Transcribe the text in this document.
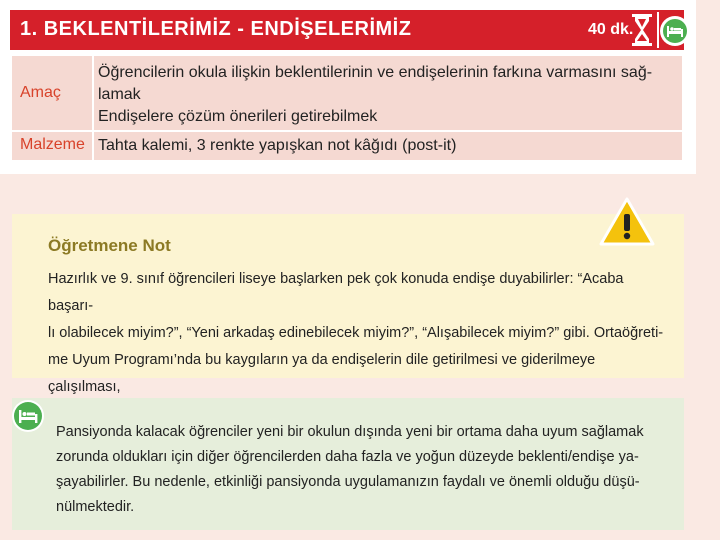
1. BEKLENTİLERİMİZ - ENDİŞELERİMİZ	40 dk.
Amaç
Öğrencilerin okula ilişkin beklentilerinin ve endişelerinin farkına varmasını sağ-
lamak
Endişelere çözüm önerileri getirebilmek
Malzeme Tahta kalemi, 3 renkte yapışkan not kâğıdı (post-it)
Öğretmene Not
Hazırlık ve 9. sınıf öğrencileri liseye başlarken pek çok konuda endişe duyabilirler: “Acaba başarı-
lı olabilecek miyim?”, “Yeni arkadaş edinebilecek miyim?”, “Alışabilecek miyim?” gibi. Ortaöğreti-
me Uyum Programı’nda bu kaygıların ya da endişelerin dile getirilmesi ve giderilmeye çalışılması,
Pansiyonda kalacak öğrenciler yeni bir okulun dışında yeni bir ortama daha uyum sağlamak
zorunda oldukları için diğer öğrencilerden daha fazla ve yoğun düzeyde beklenti/endişe ya-
şayabilirler. Bu nedenle, etkinliği pansiyonda uygulamanızın faydalı ve önemli olduğu düşü-
nülmektedir.
